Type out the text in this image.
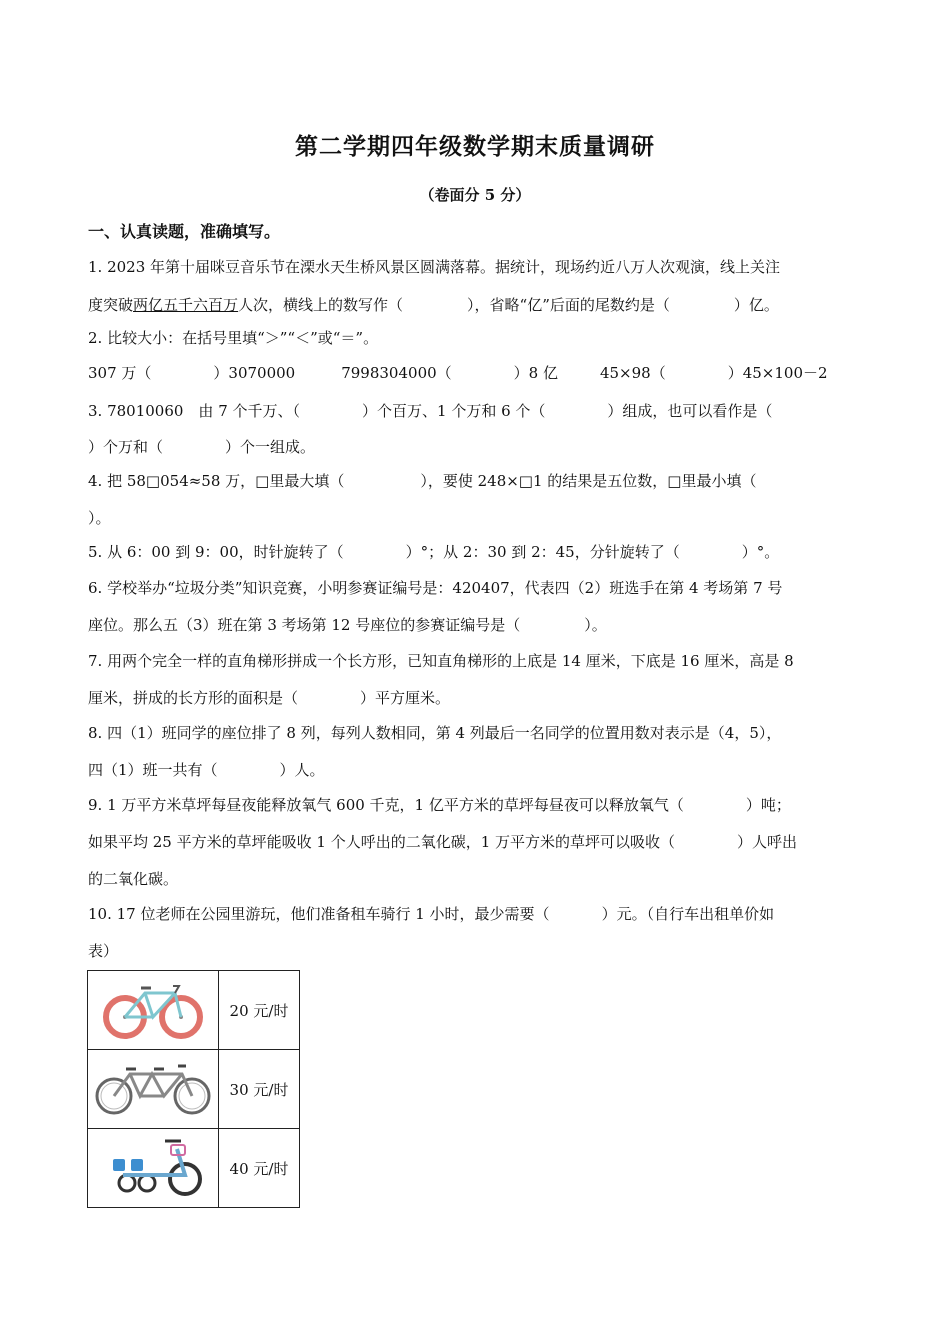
第二学期四年级数学期末质量调研
（卷面分 5 分）
一、认真读题，准确填写。
1. 2023 年第十届咪豆音乐节在溧水天生桥风景区圆满落幕。据统计，现场约近八万人次观演，线上关注
度突破两亿五千六百万人次，横线上的数写作（	），省略“亿”后面的尾数约是（	）亿。
2. 比较大小：在括号里填“＞”“＜”或“＝”。
307 万（	）3070000	7998304000（	）8 亿	45×98（	）45×100－2
3. 78010060　由 7 个千万、（	）个百万、1 个万和 6 个（	）组成，也可以看作是（
）个万和（	）个一组成。
4. 把 58□054≈58 万，□里最大填（	），要使 248×□1 的结果是五位数，□里最小填（
）。
5. 从 6：00 到 9：00，时针旋转了（	）°；从 2：30 到 2：45，分针旋转了（	）°。
6. 学校举办“垃圾分类”知识竞赛，小明参赛证编号是：420407，代表四（2）班选手在第 4 考场第 7 号
座位。那么五（3）班在第 3 考场第 12 号座位的参赛证编号是（	）。
7. 用两个完全一样的直角梯形拼成一个长方形，已知直角梯形的上底是 14 厘米，下底是 16 厘米，高是 8
厘米，拼成的长方形的面积是（	）平方厘米。
8. 四（1）班同学的座位排了 8 列，每列人数相同，第 4 列最后一名同学的位置用数对表示是（4，5），
四（1）班一共有（	）人。
9. 1 万平方米草坪每昼夜能释放氧气 600 千克，1 亿平方米的草坪每昼夜可以释放氧气（	）吨；
如果平均 25 平方米的草坪能吸收 1 个人呼出的二氧化碳，1 万平方米的草坪可以吸收（	）人呼出
的二氧化碳。
10. 17 位老师在公园里游玩，他们准备租车骑行 1 小时，最少需要（	）元。（自行车出租单价如
表）
	20 元/时

	30 元/时

	40 元/时
